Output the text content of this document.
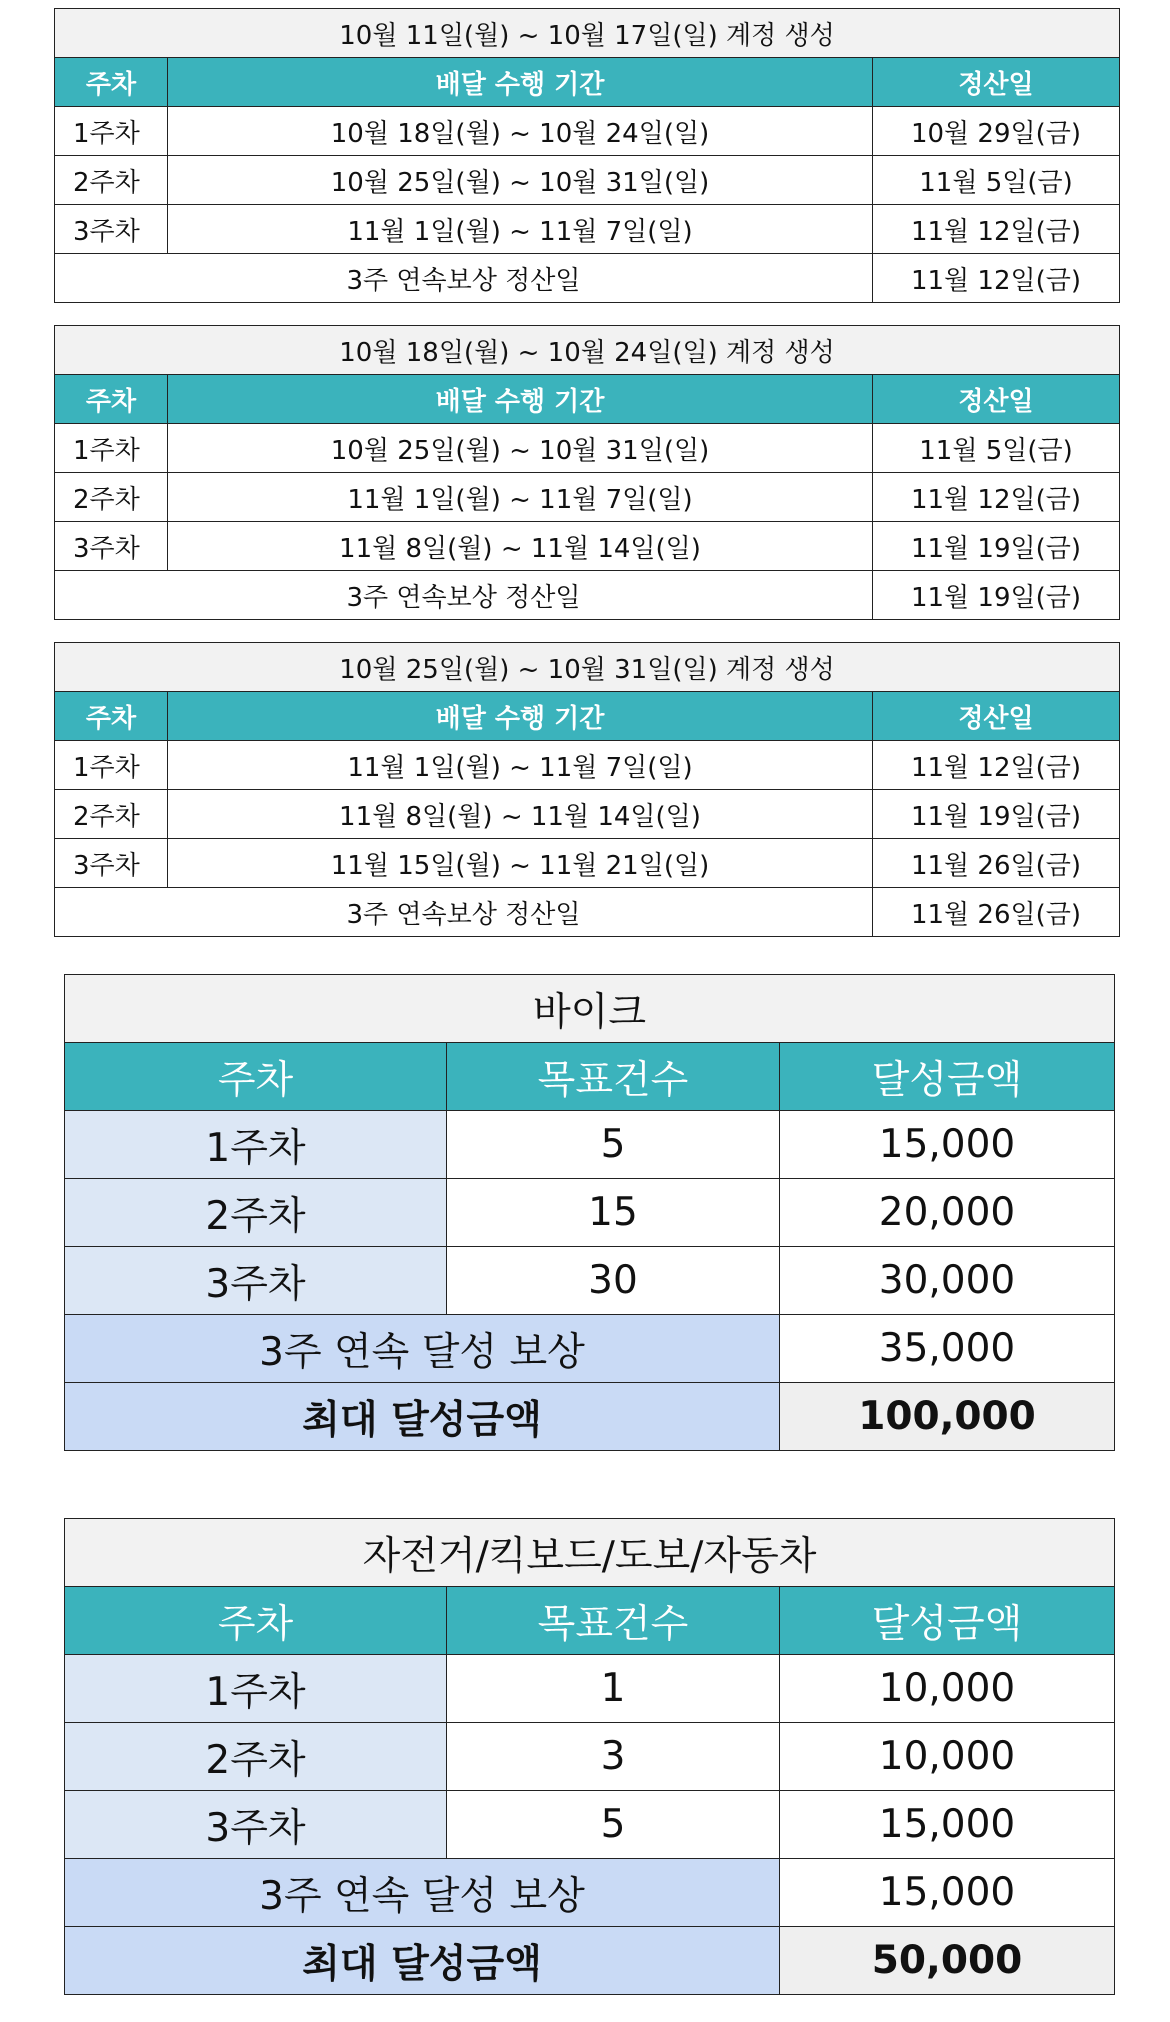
10월 11일(월) ~ 10월 17일(일) 계정 생성		
주차	배달 수행 기간	정산일
1주차	10월 18일(월) ~ 10월 24일(일)	10월 29일(금)
2주차	10월 25일(월) ~ 10월 31일(일)	11월 5일(금)
3주차	11월 1일(월) ~ 11월 7일(일)	11월 12일(금)
3주 연속보상 정산일		11월 12일(금)
10월 18일(월) ~ 10월 24일(일) 계정 생성		
주차	배달 수행 기간	정산일
1주차	10월 25일(월) ~ 10월 31일(일)	11월 5일(금)
2주차	11월 1일(월) ~ 11월 7일(일)	11월 12일(금)
3주차	11월 8일(월) ~ 11월 14일(일)	11월 19일(금)
3주 연속보상 정산일		11월 19일(금)
10월 25일(월) ~ 10월 31일(일) 계정 생성		
주차	배달 수행 기간	정산일
1주차	11월 1일(월) ~ 11월 7일(일)	11월 12일(금)
2주차	11월 8일(월) ~ 11월 14일(일)	11월 19일(금)
3주차	11월 15일(월) ~ 11월 21일(일)	11월 26일(금)
3주 연속보상 정산일		11월 26일(금)
바이크		
주차	목표건수	달성금액
1주차	5	15,000
2주차	15	20,000
3주차	30	30,000
3주 연속 달성 보상		35,000
최대 달성금액		100,000
자전거/킥보드/도보/자동차		
주차	목표건수	달성금액
1주차	1	10,000
2주차	3	10,000
3주차	5	15,000
3주 연속 달성 보상		15,000
최대 달성금액		50,000
